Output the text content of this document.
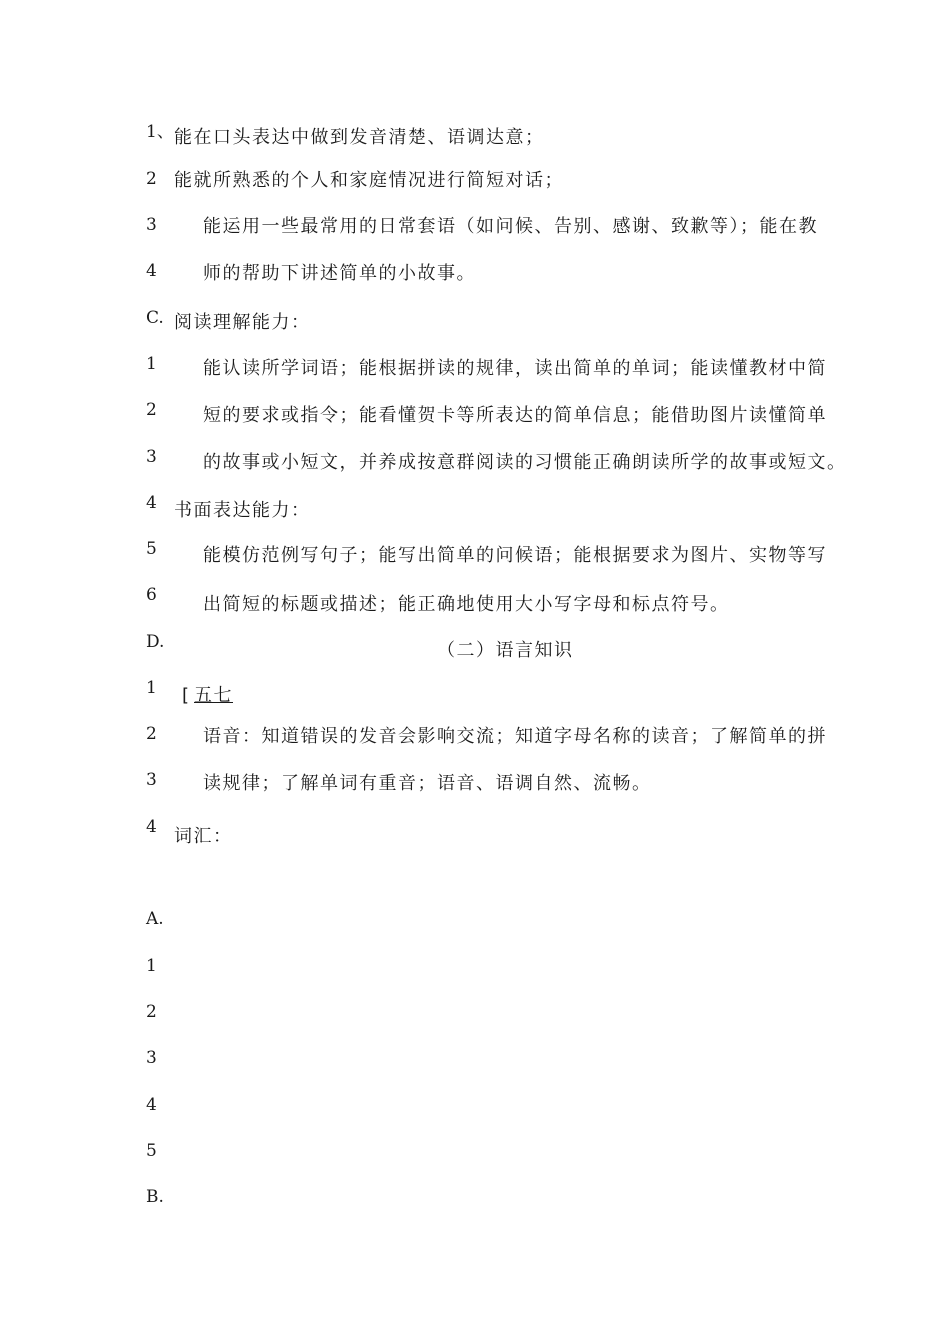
1、
2
3
4
C.
1
2
3
4
5
6
D.
1
2
3
4
A.
1
2
3
4
5
B.
能在口头表达中做到发音清楚、语调达意；
能就所熟悉的个人和家庭情况进行简短对话；
能运用一些最常用的日常套语（如问候、告别、感谢、致歉等）；能在教
师的帮助下讲述简单的小故事。
阅读理解能力：
能认读所学词语；能根据拼读的规律，读出简单的单词；能读懂教材中简
短的要求或指令；能看懂贺卡等所表达的简单信息；能借助图片读懂简单
的故事或小短文，并养成按意群阅读的习惯能正确朗读所学的故事或短文。
书面表达能力：
能模仿范例写句子；能写出简单的问候语；能根据要求为图片、实物等写
出简短的标题或描述；能正确地使用大小写字母和标点符号。
（二）语言知识
[ 五七
语音：知道错误的发音会影响交流；知道字母名称的读音；了解简单的拼
读规律；了解单词有重音；语音、语调自然、流畅。
词汇：
